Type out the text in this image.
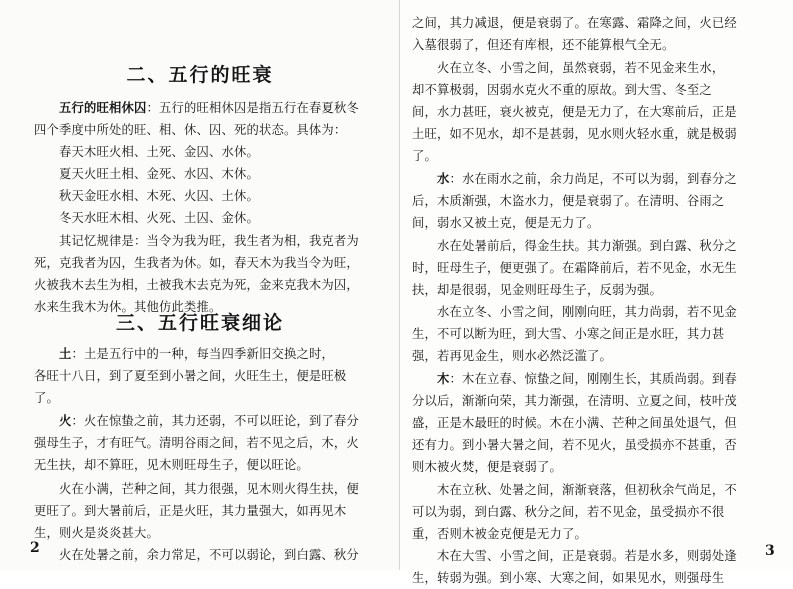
二、五行的旺衰
五行的旺相休囚：五行的旺相休囚是指五行在春夏秋冬
四个季度中所处的旺、相、休、囚、死的状态。具体为：
春天木旺火相、土死、金囚、水休。
夏天火旺土相、金死、水囚、木休。
秋天金旺水相、木死、火囚、土休。
冬天水旺木相、火死、土囚、金休。
其记忆规律是：当令为我为旺，我生者为相，我克者为
死，克我者为囚，生我者为休。如，春天木为我当令为旺，
火被我木去生为相，土被我木去克为死，金来克我木为囚，
水来生我木为休。其他仿此类推。
三、五行旺衰细论
土：土是五行中的一种，每当四季新旧交换之时，
各旺十八日，到了夏至到小暑之间，火旺生土，便是旺极
了。
火：火在惊蛰之前，其力还弱，不可以旺论，到了春分
强母生子，才有旺气。清明谷雨之间，若不见之后，木，火
无生扶，却不算旺，见木则旺母生子，便以旺论。
火在小满，芒种之间，其力很强，见木则火得生扶，便
更旺了。到大暑前后，正是火旺，其力量强大，如再见木
生，则火是炎炎甚大。
火在处暑之前，余力常足，不可以弱论，到白露、秋分
2
之间，其力减退，便是衰弱了。在寒露、霜降之间，火已经
入墓很弱了，但还有库根，还不能算根气全无。
火在立冬、小雪之间，虽然衰弱，若不见金来生水，
却不算极弱，因弱水克火不重的原故。到大雪、冬至之
间，水力甚旺，衰火被克，便是无力了，在大寒前后，正是
土旺，如不见水，却不是甚弱，见水则火轻水重，就是极弱
了。
水：水在雨水之前，余力尚足，不可以为弱，到春分之
后，木质渐强，木盗水力，便是衰弱了。在清明、谷雨之
间，弱水又被土克，便是无力了。
水在处暑前后，得金生扶。其力渐强。到白露、秋分之
时，旺母生子，便更强了。在霜降前后，若不见金，水无生
扶，却是很弱，见金则旺母生子，反弱为强。
水在立冬、小雪之间，刚刚向旺，其力尚弱，若不见金
生，不可以断为旺，到大雪、小寒之间正是水旺，其力甚
强，若再见金生，则水必然泛滥了。
木：木在立春、惊蛰之间，刚刚生长，其质尚弱。到春
分以后，渐渐向荣，其力渐强，在清明、立夏之间，枝叶茂
盛，正是木最旺的时候。木在小满、芒种之间虽处退气，但
还有力。到小暑大暑之间，若不见火，虽受损亦不甚重，否
则木被火焚，便是衰弱了。
木在立秋、处暑之间，渐渐衰落，但初秋余气尚足，不
可以为弱，到白露、秋分之间，若不见金，虽受损亦不很
重，否则木被金克便是无力了。
木在大雪、小雪之间，正是衰弱。若是水多，则弱处逢
生，转弱为强。到小寒、大寒之间，如果见水，则强母生
3
